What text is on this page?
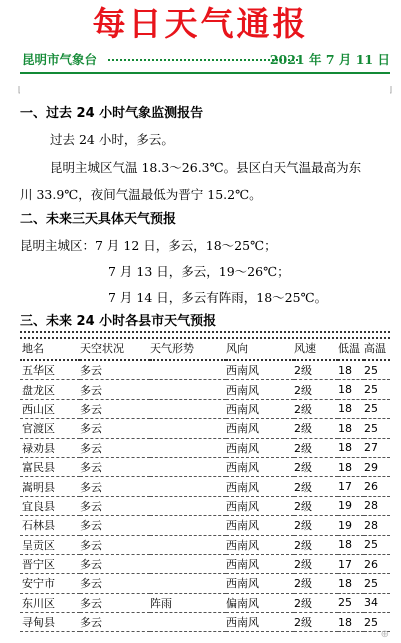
每日天气通报
昆明市气象台	2021 年 7 月 11 日
一、过去 24 小时气象监测报告
过去 24 小时，多云。
昆明主城区气温 18.3～26.3℃。县区白天气温最高为东
川 33.9℃，夜间气温最低为晋宁 15.2℃。
二、未来三天具体天气预报
昆明主城区：7 月 12 日，多云，18～25℃；
7 月 13 日，多云，19～26℃；
7 月 14 日，多云有阵雨，18～25℃。
三、未来 24 小时各县市天气预报
地名	天空状况	天气形势	风向	风速	低温	高温

五华区	多云		西南风	2级	18	25
盘龙区	多云		西南风	2级	18	25
西山区	多云		西南风	2级	18	25
官渡区	多云		西南风	2级	18	25
禄劝县	多云		西南风	2级	18	27
富民县	多云		西南风	2级	18	29
嵩明县	多云		西南风	2级	17	26
宜良县	多云		西南风	2级	19	28
石林县	多云		西南风	2级	19	28
呈贡区	多云		西南风	2级	18	25
晋宁区	多云		西南风	2级	17	26
安宁市	多云		西南风	2级	18	25
东川区	多云	阵雨	偏南风	2级	25	34
寻甸县	多云		西南风	2级	18	25
⊕
